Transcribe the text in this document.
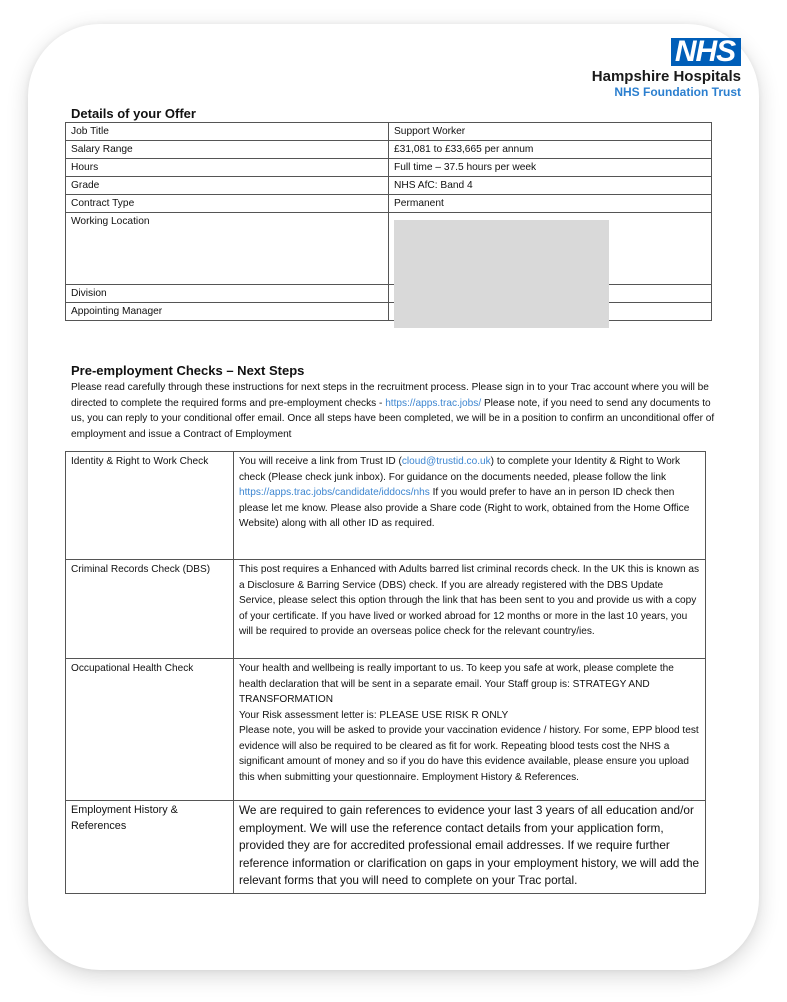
NHS
Hampshire Hospitals
NHS Foundation Trust
Details of your Offer
Job Title	Support Worker
Salary Range	£31,081 to £33,665 per annum
Hours	Full time – 37.5 hours per week
Grade	NHS AfC: Band 4
Contract Type	Permanent
Working Location	
Division	
Appointing Manager	
Pre-employment Checks – Next Steps

Please read carefully through these instructions for next steps in the recruitment process. Please sign in to your Trac account where you will be directed to complete the required forms and pre-employment checks - https://apps.trac.jobs/ Please note, if you need to send any documents to us, you can reply to your conditional offer email. Once all steps have been completed, we will be in a position to confirm an unconditional offer of employment and issue a Contract of Employment

Identity & Right to Work Check	You will receive a link from Trust ID (cloud@trustid.co.uk) to complete your Identity & Right to Work check (Please check junk inbox). For guidance on the documents needed, please follow the link https://apps.trac.jobs/candidate/iddocs/nhs If you would prefer to have an in person ID check then please let me know. Please also provide a Share code (Right to work, obtained from the Home Office Website) along with all other ID as required.
Criminal Records Check (DBS)	This post requires a Enhanced with Adults barred list criminal records check. In the UK this is known as a Disclosure & Barring Service (DBS) check. If you are already registered with the DBS Update Service, please select this option through the link that has been sent to you and provide us with a copy of your certificate. If you have lived or worked abroad for 12 months or more in the last 10 years, you will be required to provide an overseas police check for the relevant country/ies.
Occupational Health Check	Your health and wellbeing is really important to us. To keep you safe at work, please complete the health declaration that will be sent in a separate email. Your Staff group is: STRATEGY AND TRANSFORMATION
Your Risk assessment letter is: PLEASE USE RISK R ONLY
Please note, you will be asked to provide your vaccination evidence / history. For some, EPP blood test evidence will also be required to be cleared as fit for work. Repeating blood tests cost the NHS a significant amount of money and so if you do have this evidence available, please ensure you upload this when submitting your questionnaire. Employment History & References.

Employment History & References	We are required to gain references to evidence your last 3 years of all education and/or employment. We will use the reference contact details from your application form, provided they are for accredited professional email addresses. If we require further reference information or clarification on gaps in your employment history, we will add the relevant forms that you will need to complete on your Trac portal.
